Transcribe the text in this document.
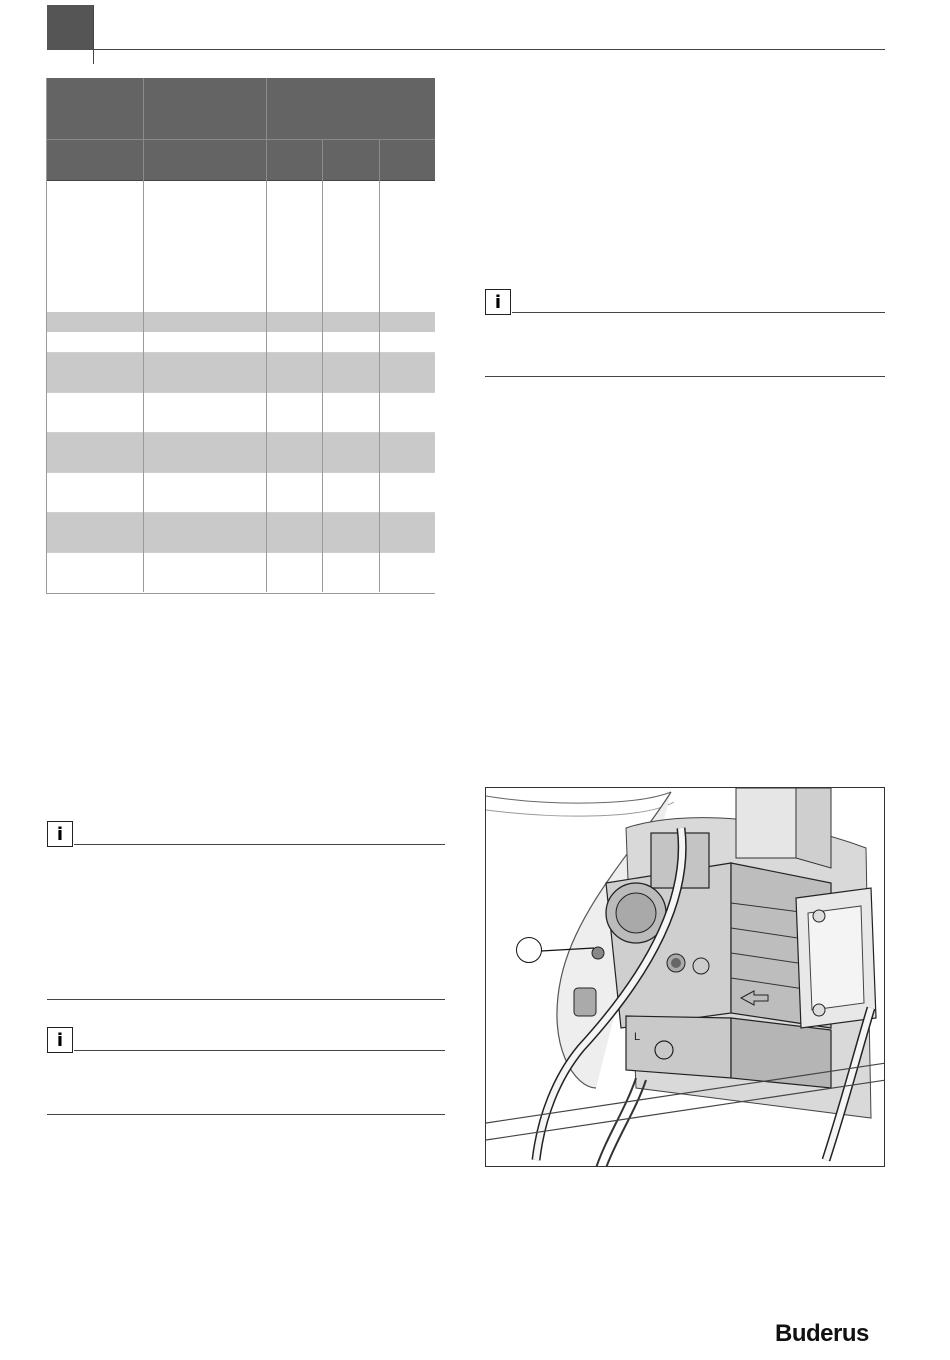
i
i
i	L
Buderus
